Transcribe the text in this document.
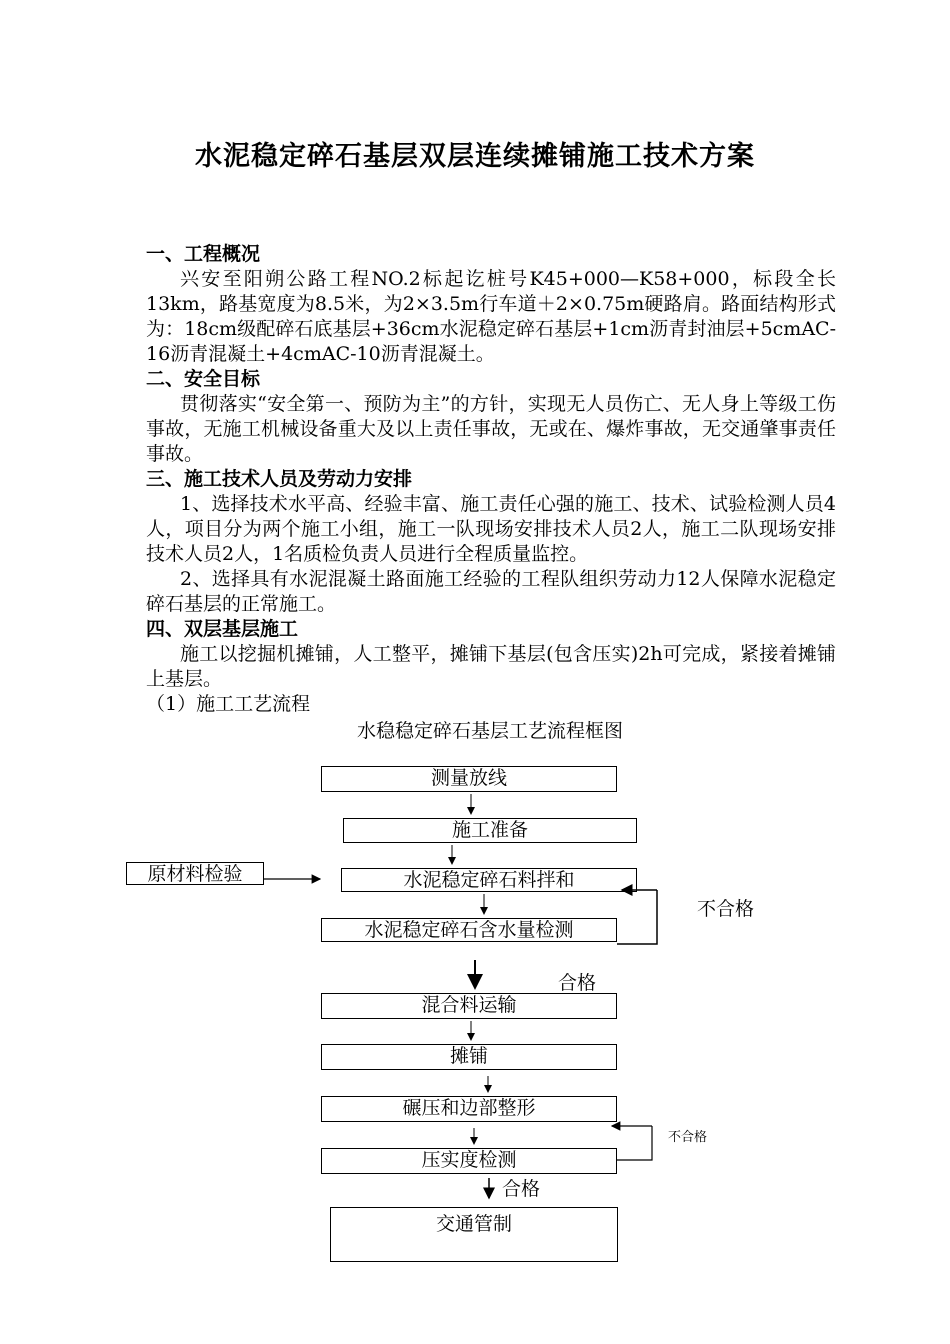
水泥稳定碎石基层双层连续摊铺施工技术方案
一、工程概况

兴安至阳朔公路工程NO.2标起讫桩号K45+000—K58+000，标段全长13km，路基宽度为8.5米，为2×3.5m行车道＋2×0.75m硬路肩。路面结构形式为：18cm级配碎石底基层+36cm水泥稳定碎石基层+1cm沥青封油层+5cmAC-16沥青混凝土+4cmAC-10沥青混凝土。

二、安全目标

贯彻落实“安全第一、预防为主”的方针，实现无人员伤亡、无人身上等级工伤事故，无施工机械设备重大及以上责任事故，无或在、爆炸事故，无交通肇事责任事故。

三、施工技术人员及劳动力安排

1、选择技术水平高、经验丰富、施工责任心强的施工、技术、试验检测人员4 人，项目分为两个施工小组，施工一队现场安排技术人员2人，施工二队现场安排技术人员2人，1名质检负责人员进行全程质量监控。

2、选择具有水泥混凝土路面施工经验的工程队组织劳动力12人保障水泥稳定碎石基层的正常施工。

四、双层基层施工

施工以挖掘机摊铺，人工整平，摊铺下基层(包含压实)2h可完成，紧接着摊铺上基层。

（1）施工工艺流程
水稳稳定碎石基层工艺流程框图
测量放线
施工准备
水泥稳定碎石料拌和
水泥稳定碎石含水量检测
混合料运输
摊铺
碾压和边部整形
压实度检测
交通管制
原材料检验
不合格
合格
不合格
合格
